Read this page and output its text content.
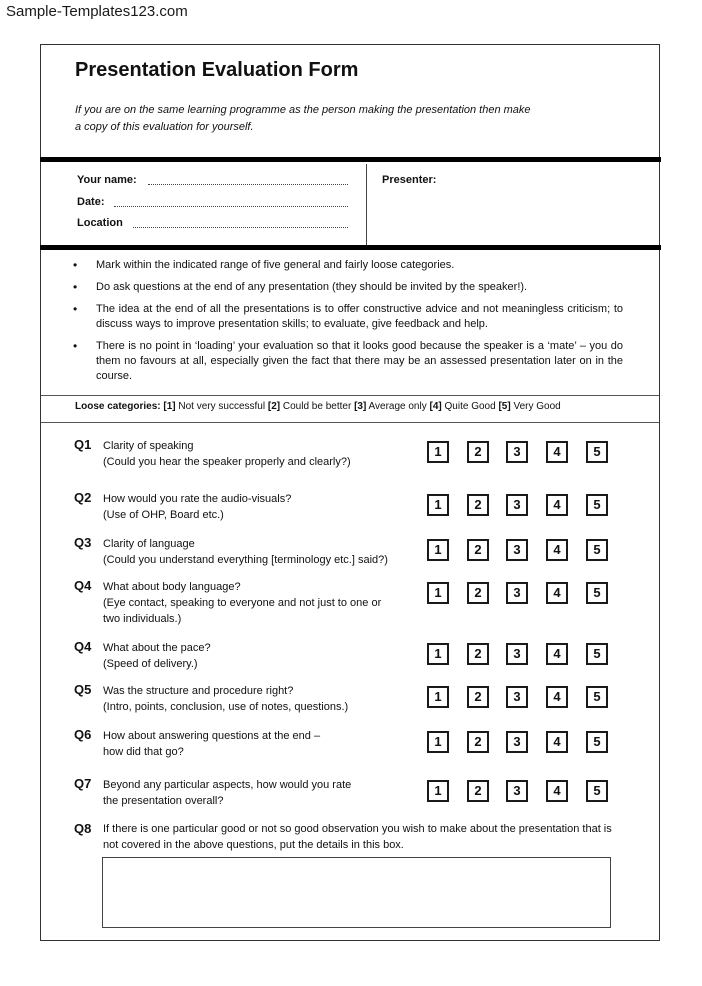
Sample-Templates123.com
Presentation Evaluation Form
If you are on the same learning programme as the person making the presentation then make a copy of this evaluation for yourself.
Your name:
Date:
Location
Presenter:
• Mark within the indicated range of five general and fairly loose categories.
• Do ask questions at the end of any presentation (they should be invited by the speaker!).
• The idea at the end of all the presentations is to offer constructive advice and not meaningless criticism; to discuss ways to improve presentation skills; to evaluate, give feedback and help.
• There is no point in ‘loading’ your evaluation so that it looks good because the speaker is a ‘mate’ – you do them no favours at all, especially given the fact that there may be an assessed presentation later on in the course.
Loose categories: [1] Not very successful [2] Could be better [3] Average only [4] Quite Good [5] Very Good
Q1 Clarity of speaking
(Could you hear the speaker properly and clearly?)
1	2	3	4	5
Q2 How would you rate the audio-visuals?
(Use of OHP, Board etc.)
1	2	3	4	5
Q3 Clarity of language
(Could you understand everything [terminology etc.] said?)
1	2	3	4	5
Q4 What about body language?
(Eye contact, speaking to everyone and not just to one or
two individuals.)
1	2	3	4	5
Q4 What about the pace?
(Speed of delivery.)
1	2	3	4	5
Q5 Was the structure and procedure right?
(Intro, points, conclusion, use of notes, questions.)
1	2	3	4	5
Q6 How about answering questions at the end –
how did that go?
1	2	3	4	5
Q7 Beyond any particular aspects, how would you rate
the presentation overall?
1	2	3	4	5
Q8 If there is one particular good or not so good observation you wish to make about the presentation that is not covered in the above questions, put the details in this box.
